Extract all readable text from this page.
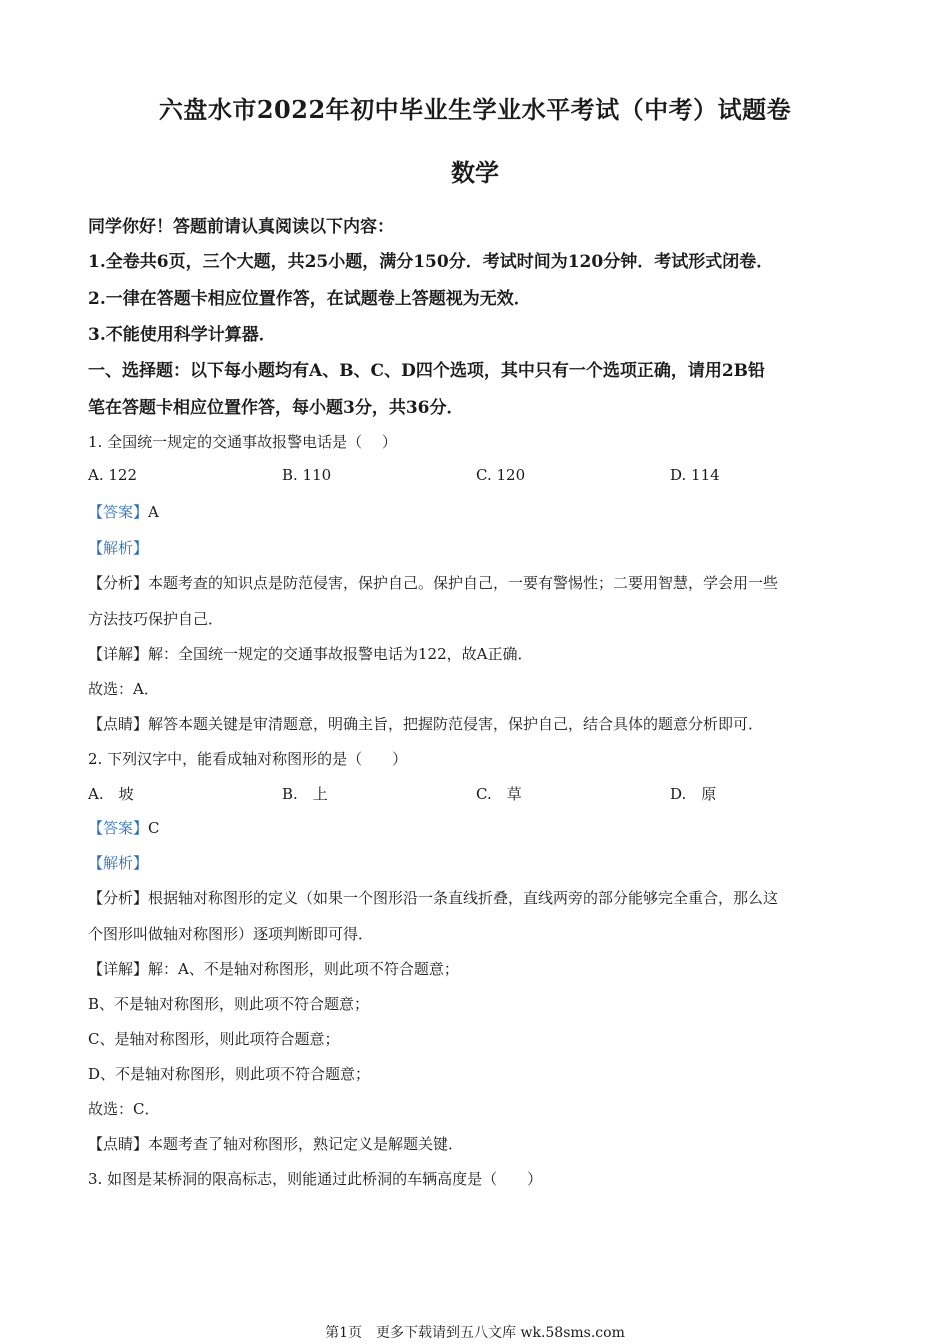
六盘水市2022年初中毕业生学业水平考试（中考）试题卷
数学
同学你好！答题前请认真阅读以下内容：
1.全卷共6页，三个大题，共25小题，满分150分．考试时间为120分钟．考试形式闭卷．
2.一律在答题卡相应位置作答，在试题卷上答题视为无效．
3.不能使用科学计算器．
一、选择题：以下每小题均有A、B、C、D四个选项，其中只有一个选项正确，请用2B铅
笔在答题卡相应位置作答，每小题3分，共36分．
1. 全国统一规定的交通事故报警电话是（　 ）
A. 122	B. 110	C. 120	D. 114
【答案】A
【解析】
【分析】本题考查的知识点是防范侵害，保护自己。保护自己，一要有警惕性；二要用智慧，学会用一些
方法技巧保护自己．
【详解】解：全国统一规定的交通事故报警电话为122，故A正确．
故选：A．
【点睛】解答本题关键是审清题意，明确主旨，把握防范侵害，保护自己，结合具体的题意分析即可．
2. 下列汉字中，能看成轴对称图形的是（　　）
A.　坡	B.　上	C.　草	D.　原
【答案】C
【解析】
【分析】根据轴对称图形的定义（如果一个图形沿一条直线折叠，直线两旁的部分能够完全重合，那么这
个图形叫做轴对称图形）逐项判断即可得．
【详解】解：A、不是轴对称图形，则此项不符合题意；
B、不是轴对称图形，则此项不符合题意；
C、是轴对称图形，则此项符合题意；
D、不是轴对称图形，则此项不符合题意；
故选：C．
【点睛】本题考查了轴对称图形，熟记定义是解题关键．
3. 如图是某桥洞的限高标志，则能通过此桥洞的车辆高度是（　　）
第1页　更多下载请到五八文库 wk.58sms.com
